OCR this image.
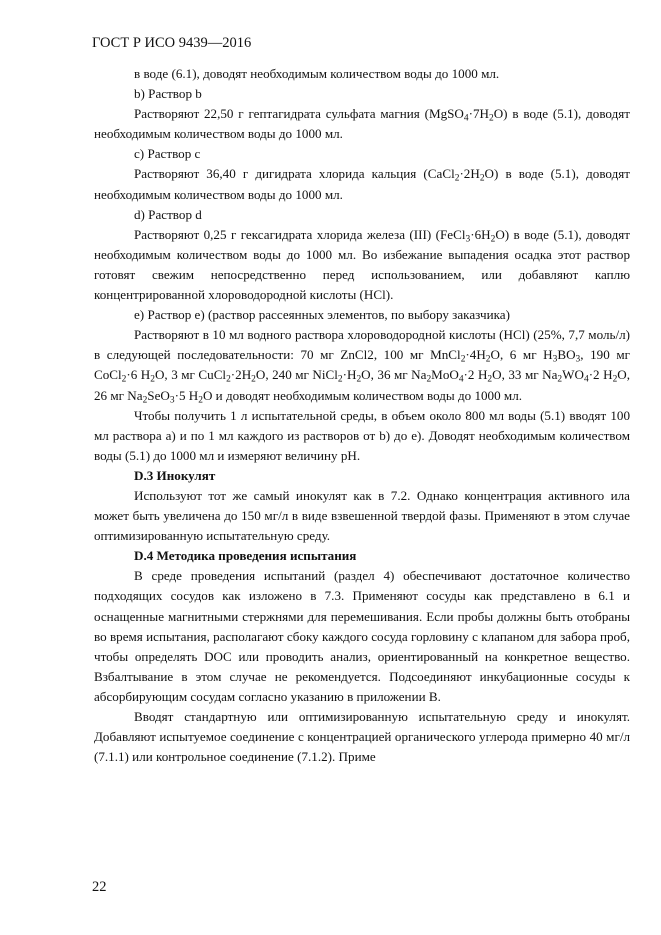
ГОСТ Р ИСО 9439—2016

в воде (6.1), доводят необходимым количеством воды до 1000 мл.

b) Раствор b

Растворяют 22,50 г гептагидрата сульфата магния $(MgSO_4\cdot 7H_2O)$ в воде (5.1), доводят необходимым количеством воды до 1000 мл.

c) Раствор с

Растворяют 36,40 г дигидрата хлорида кальция $(CaCl_2\cdot 2H_2O)$ в воде (5.1), доводят необходимым количеством воды до 1000 мл.

d) Раствор d

Растворяют 0,25 г гексагидрата хлорида железа (III) $(FeCl_3\cdot 6H_2O)$ в воде (5.1), доводят необходимым количеством воды до 1000 мл. Во избежание выпадения осадка этот раствор готовят свежим непосредственно перед использованием, или добавляют каплю концентрированной хлороводородной кислоты (HCl).

e) Раствор e) (раствор рассеянных элементов, по выбору заказчика)

Растворяют в 10 мл водного раствора хлороводородной кислоты (HCl) (25%, 7,7 моль/л) в следующей последовательности: 70 мг ZnCl2, 100 мг $MnCl_2\cdot 4H_2O$, 6 мг $H_3BO_3$, 190 мг CoCl$_2$·6 $H_2O$, 3 мг $CuCl_2\cdot 2H_2O$, 240 мг $NiCl_2\cdot H_2O$, 36 мг $Na_2MoO_4\cdot 2$ $H_2O$, 33 мг $Na_2WO_4\cdot 2$ $H_2O$, 26 мг $Na_2SeO_3\cdot 5$ $H_2O$ и доводят необходимым количеством воды до 1000 мл.

Чтобы получить 1 л испытательной среды, в объем около 800 мл воды (5.1) вводят 100 мл раствора а) и по 1 мл каждого из растворов от b) до e). Доводят необходимым количеством воды (5.1) до 1000 мл и измеряют величину pH.

D.3 Инокулят

Используют тот же самый инокулят как в 7.2. Однако концентрация активного ила может быть увеличена до 150 мг/л в виде взвешенной твердой фазы. Применяют в этом случае оптимизированную испытательную среду.

D.4 Методика проведения испытания

В среде проведения испытаний (раздел 4) обеспечивают достаточное количество подходящих сосудов как изложено в 7.3. Применяют сосуды как представлено в 6.1 и оснащенные магнитными стержнями для перемешивания. Если пробы должны быть отобраны во время испытания, располагают сбоку каждого сосуда горловину с клапаном для забора проб, чтобы определять DOC или проводить анализ, ориентированный на конкретное вещество. Взбалтывание в этом случае не рекомендуется. Подсоединяют инкубационные сосуды к абсорбирующим сосудам согласно указанию в приложении В.

Вводят стандартную или оптимизированную испытательную среду и инокулят. Добавляют испытуемое соединение с концентрацией органического углерода примерно 40 мг/л (7.1.1) или контрольное соединение (7.1.2). Приме

22
